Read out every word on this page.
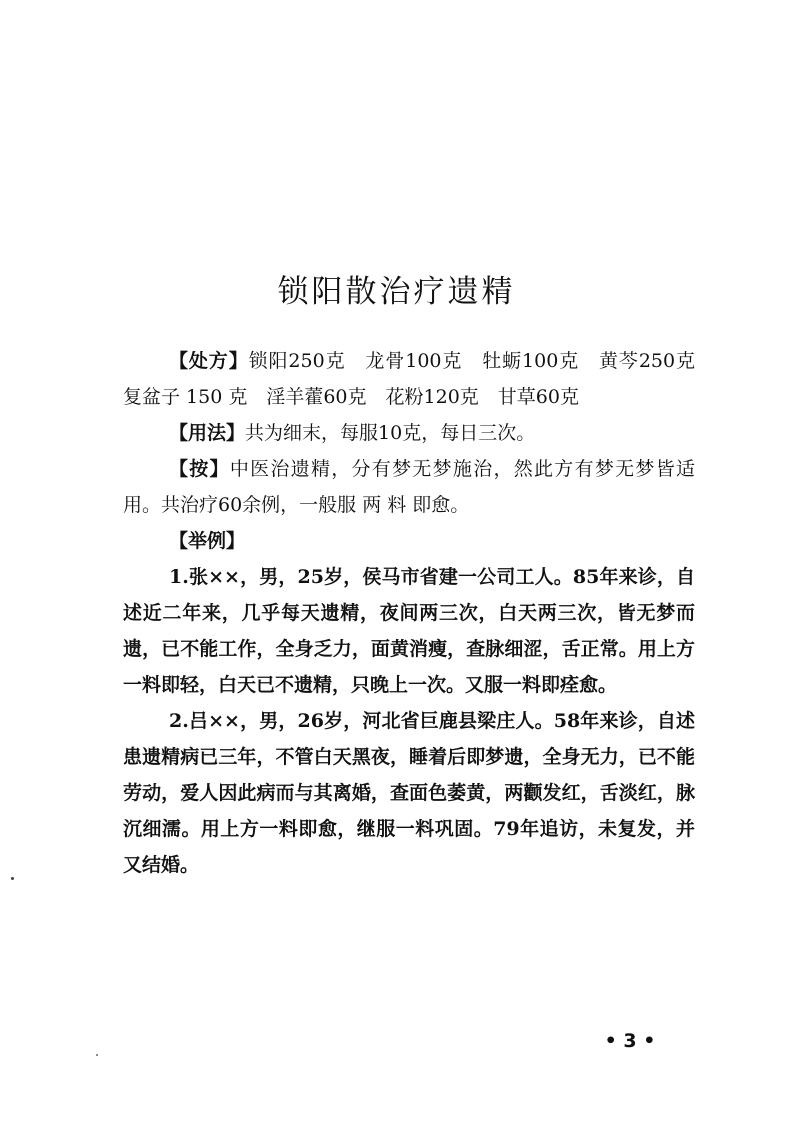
锁阳散治疗遗精

【处方】锁阳250克　龙骨100克　牡蛎100克　黄芩250克　复盆子 150 克　淫羊藿60克　花粉120克　甘草60克

【用法】共为细末，每服10克，每日三次。

【按】中医治遗精，分有梦无梦施治，然此方有梦无梦皆适用。共治疗60余例，一般服 两 料 即愈。

【举例】

1.张××，男，25岁，侯马市省建一公司工人。85年来诊，自述近二年来，几乎每天遗精，夜间两三次，白天两三次，皆无梦而遗，已不能工作，全身乏力，面黄消瘦，查脉细涩，舌正常。用上方一料即轻，白天已不遗精，只晚上一次。又服一料即痊愈。

2.吕××，男，26岁，河北省巨鹿县梁庄人。58年来诊，自述患遗精病已三年，不管白天黑夜，睡着后即梦遗，全身无力，已不能劳动，爱人因此病而与其离婚，查面色萎黄，两颧发红，舌淡红，脉沉细濡。用上方一料即愈，继服一料巩固。79年追访，未复发，并又结婚。

• 3 •
